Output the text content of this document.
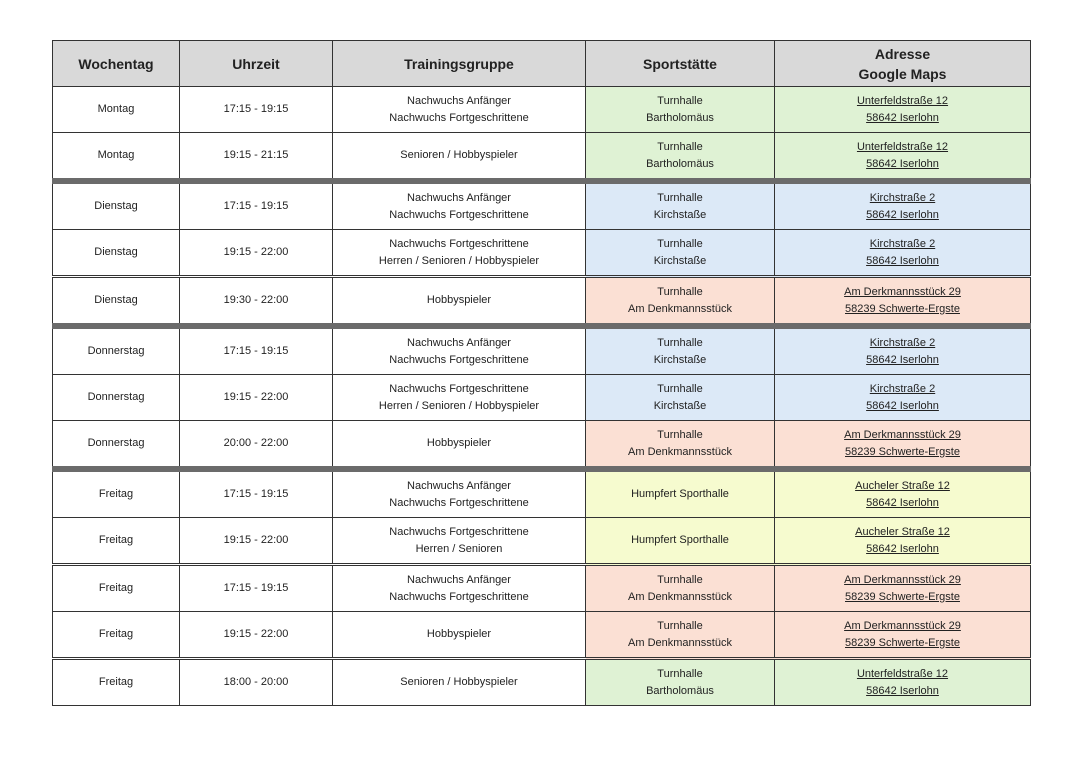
Wochentag	Uhrzeit	Trainingsgruppe	Sportstätte	Adresse
Google Maps

Montag	17:15 - 19:15	Nachwuchs Anfänger
Nachwuchs Fortgeschrittene	Turnhalle
Bartholomäus	Unterfeldstraße 12
58642 Iserlohn

Montag	19:15 - 21:15	Senioren / Hobbyspieler	Turnhalle
Bartholomäus	Unterfeldstraße 12
58642 Iserlohn

Dienstag	17:15 - 19:15	Nachwuchs Anfänger
Nachwuchs Fortgeschrittene	Turnhalle
Kirchstaße	Kirchstraße 2
58642 Iserlohn

Dienstag	19:15 - 22:00	Nachwuchs Fortgeschrittene
Herren / Senioren / Hobbyspieler	Turnhalle
Kirchstaße	Kirchstraße 2
58642 Iserlohn

Dienstag	19:30 - 22:00	Hobbyspieler	Turnhalle
Am Denkmannsstück	Am Derkmannsstück 29
58239 Schwerte-Ergste

Donnerstag	17:15 - 19:15	Nachwuchs Anfänger
Nachwuchs Fortgeschrittene	Turnhalle
Kirchstaße	Kirchstraße 2
58642 Iserlohn

Donnerstag	19:15 - 22:00	Nachwuchs Fortgeschrittene
Herren / Senioren / Hobbyspieler	Turnhalle
Kirchstaße	Kirchstraße 2
58642 Iserlohn

Donnerstag	20:00 - 22:00	Hobbyspieler	Turnhalle
Am Denkmannsstück	Am Derkmannsstück 29
58239 Schwerte-Ergste

Freitag	17:15 - 19:15	Nachwuchs Anfänger
Nachwuchs Fortgeschrittene	Humpfert Sporthalle	Aucheler Straße 12
58642 Iserlohn

Freitag	19:15 - 22:00	Nachwuchs Fortgeschrittene
Herren / Senioren	Humpfert Sporthalle	Aucheler Straße 12
58642 Iserlohn

Freitag	17:15 - 19:15	Nachwuchs Anfänger
Nachwuchs Fortgeschrittene	Turnhalle
Am Denkmannsstück	Am Derkmannsstück 29
58239 Schwerte-Ergste

Freitag	19:15 - 22:00	Hobbyspieler	Turnhalle
Am Denkmannsstück	Am Derkmannsstück 29
58239 Schwerte-Ergste

Freitag	18:00 - 20:00	Senioren / Hobbyspieler	Turnhalle
Bartholomäus	Unterfeldstraße 12
58642 Iserlohn
